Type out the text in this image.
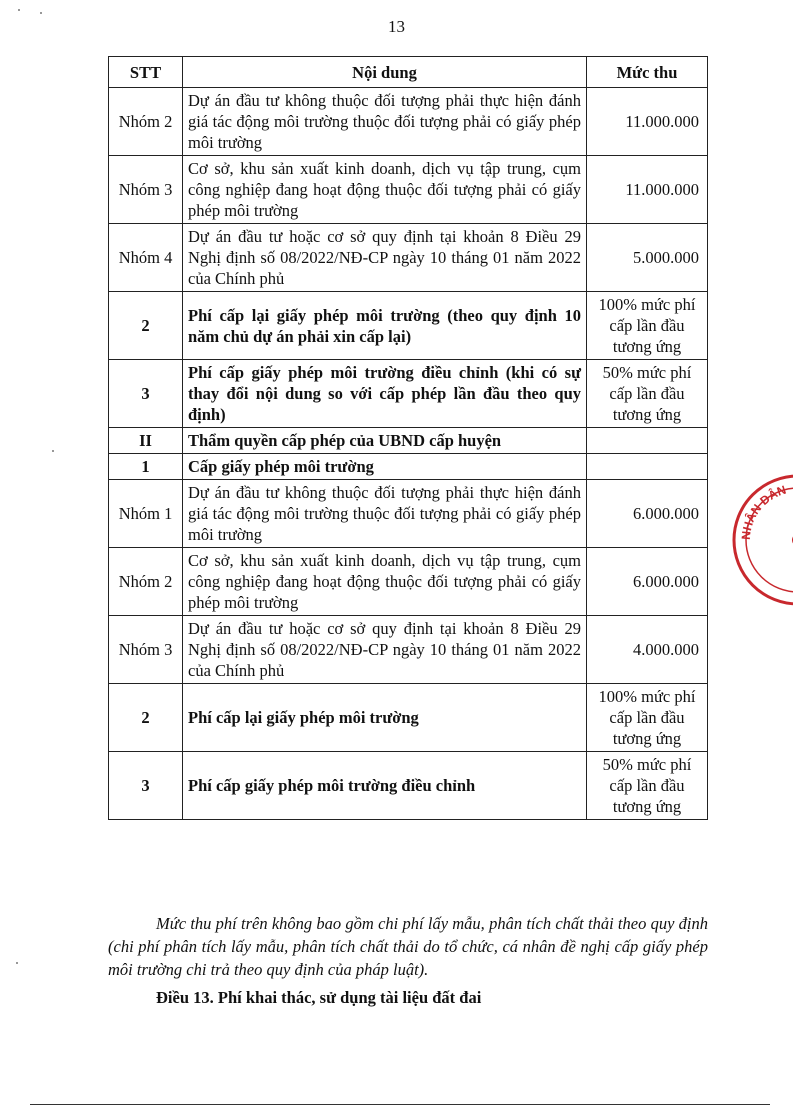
13
STT	Nội dung	Mức thu
Nhóm 2	Dự án đầu tư không thuộc đối tượng phải thực hiện đánh giá tác động môi trường thuộc đối tượng phải có giấy phép môi trường	11.000.000
Nhóm 3	Cơ sở, khu sản xuất kinh doanh, dịch vụ tập trung, cụm công nghiệp đang hoạt động thuộc đối tượng phải có giấy phép môi trường	11.000.000
Nhóm 4	Dự án đầu tư hoặc cơ sở quy định tại khoản 8 Điều 29 Nghị định số 08/2022/NĐ-CP ngày 10 tháng 01 năm 2022 của Chính phủ	5.000.000
2	Phí cấp lại giấy phép môi trường (theo quy định 10 năm chủ dự án phải xin cấp lại)	100% mức phí cấp lần đầu tương ứng
3	Phí cấp giấy phép môi trường điều chỉnh (khi có sự thay đổi nội dung so với cấp phép lần đầu theo quy định)	50% mức phí cấp lần đầu tương ứng
II	Thẩm quyền cấp phép của UBND cấp huyện	
1	Cấp giấy phép môi trường	
Nhóm 1	Dự án đầu tư không thuộc đối tượng phải thực hiện đánh giá tác động môi trường thuộc đối tượng phải có giấy phép môi trường	6.000.000
Nhóm 2	Cơ sở, khu sản xuất kinh doanh, dịch vụ tập trung, cụm công nghiệp đang hoạt động thuộc đối tượng phải có giấy phép môi trường	6.000.000
Nhóm 3	Dự án đầu tư hoặc cơ sở quy định tại khoản 8 Điều 29 Nghị định số 08/2022/NĐ-CP ngày 10 tháng 01 năm 2022 của Chính phủ	4.000.000
2	Phí cấp lại giấy phép môi trường	100% mức phí cấp lần đầu tương ứng
3	Phí cấp giấy phép môi trường điều chỉnh	50% mức phí cấp lần đầu tương ứng

Mức thu phí trên không bao gồm chi phí lấy mẫu, phân tích chất thải theo quy định (chi phí phân tích lấy mẫu, phân tích chất thải do tổ chức, cá nhân đề nghị cấp giấy phép môi trường chi trả theo quy định của pháp luật).

Điều 13. Phí khai thác, sử dụng tài liệu đất đai

NHÂN DÂN
